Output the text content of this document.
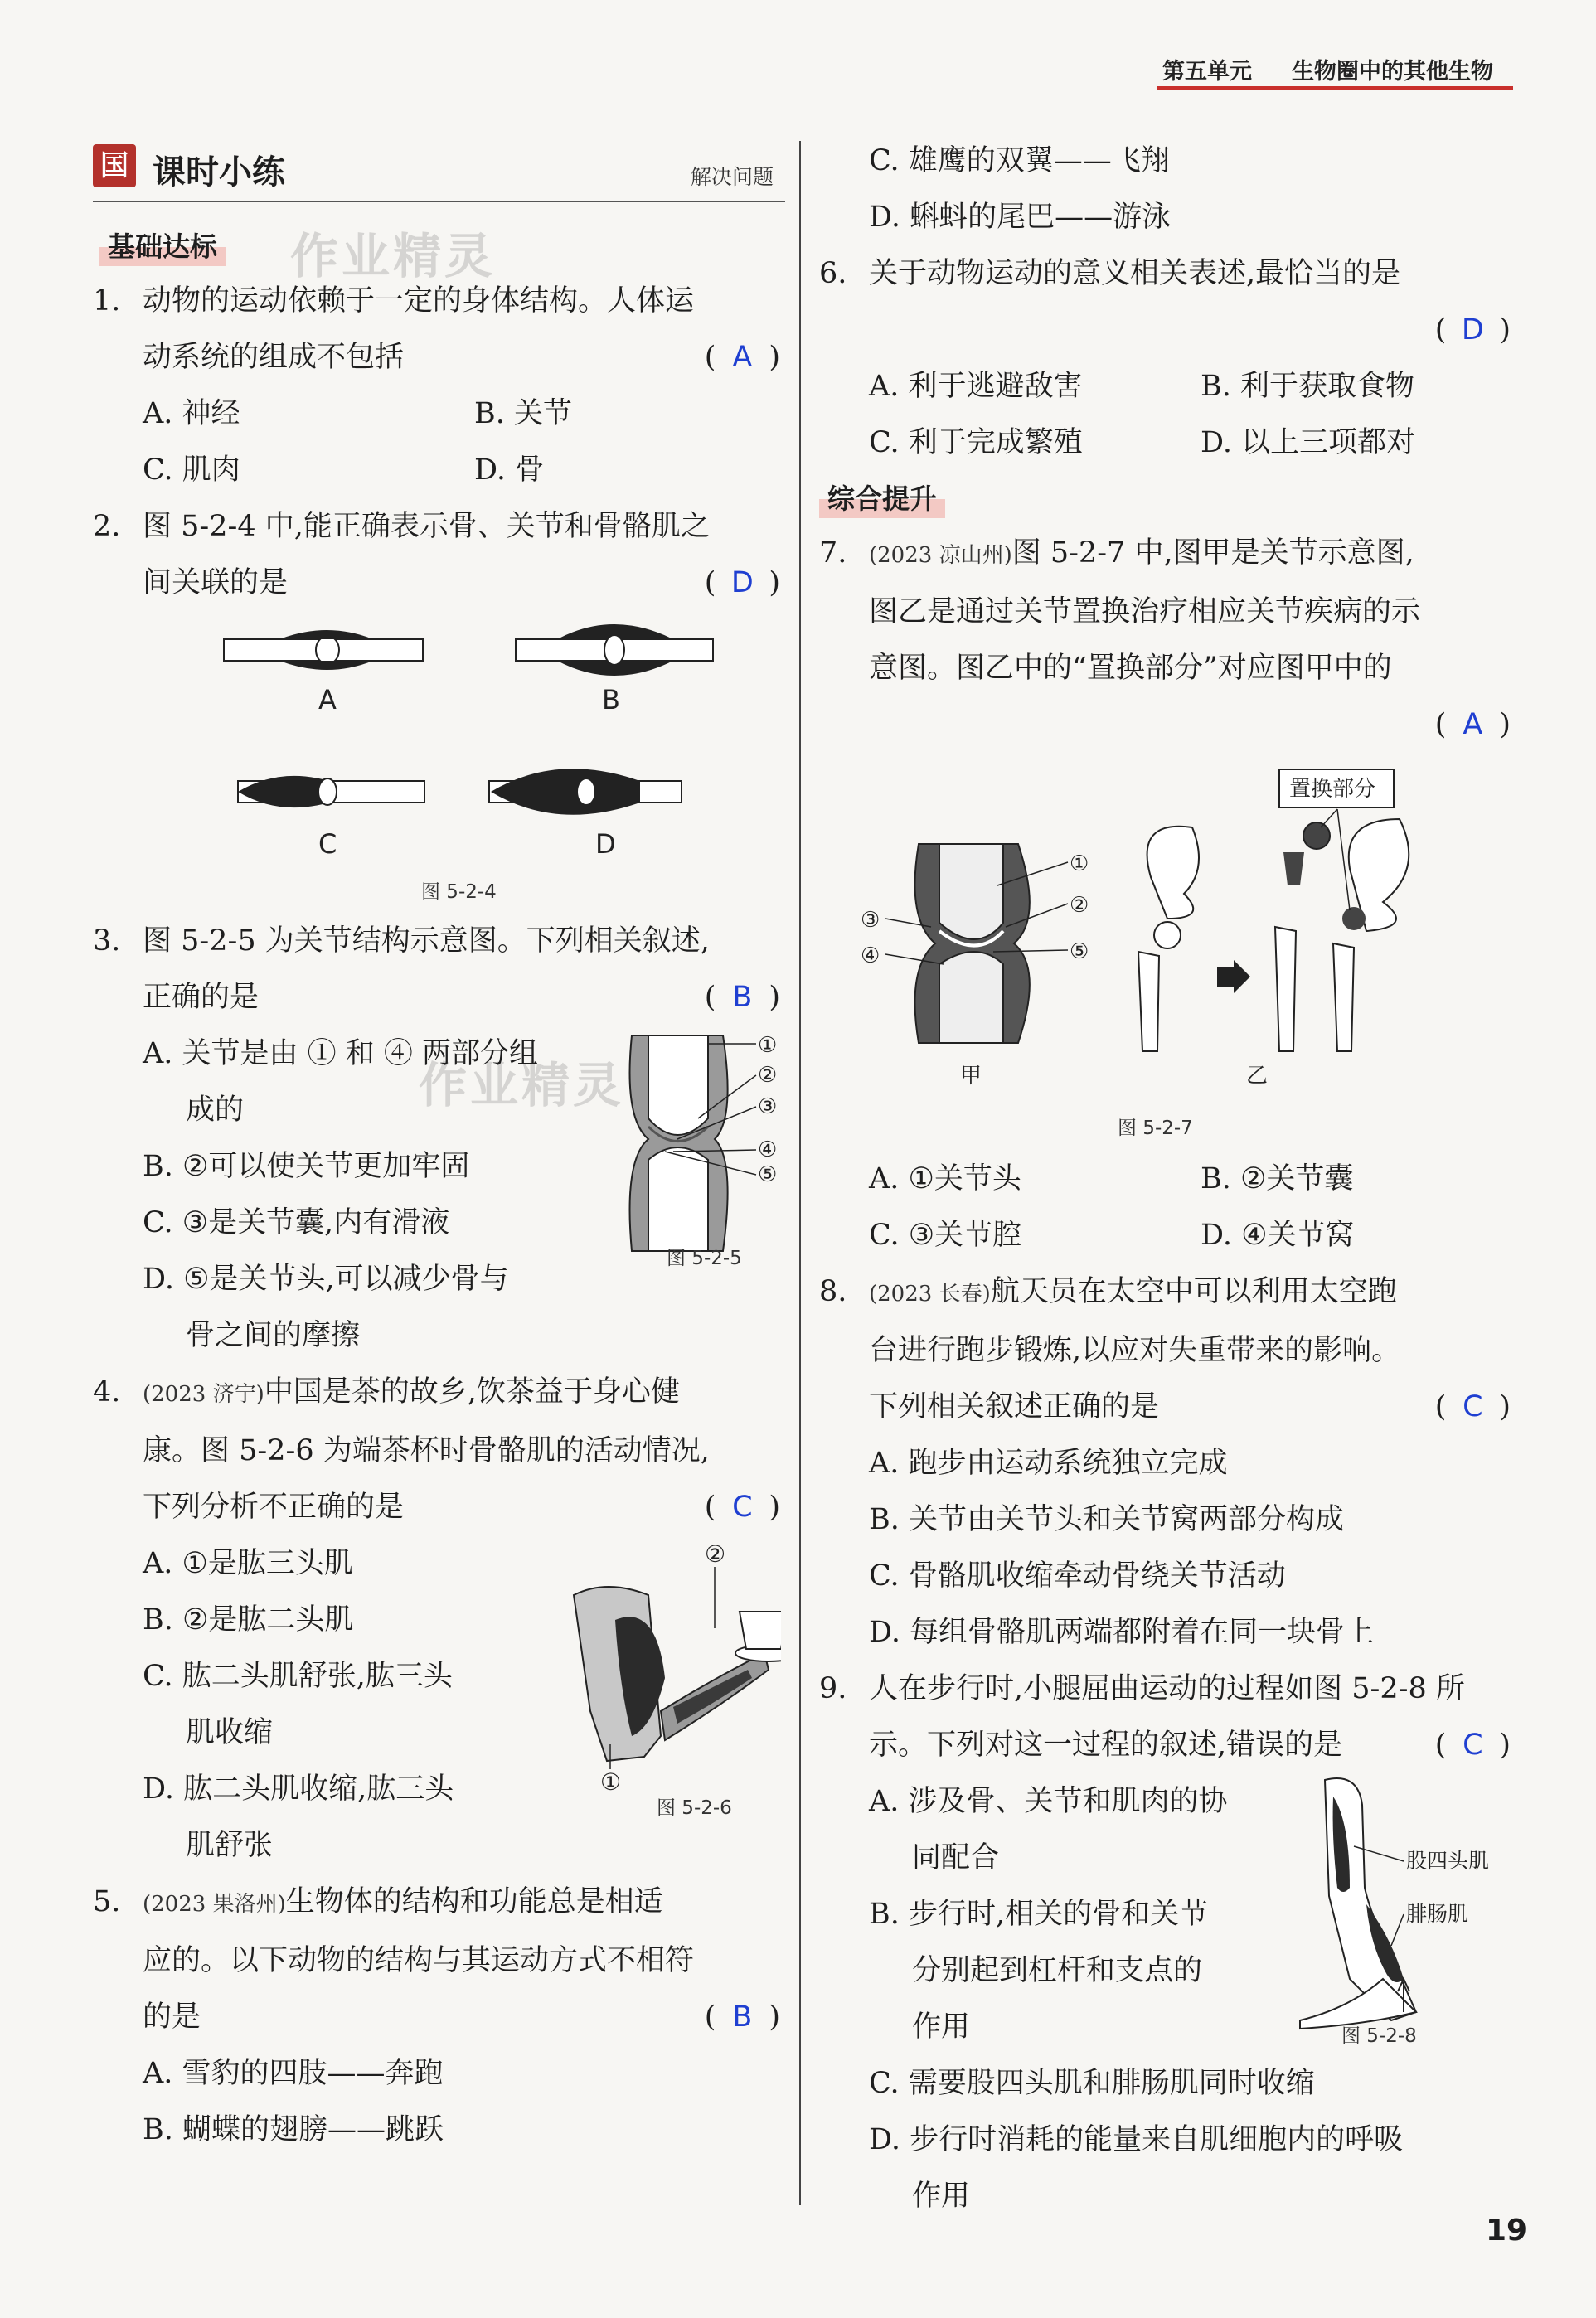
第五单元 生物圈中的其他生物
作业精灵
作业精灵
国 课时小练	解决问题
基础达标
1. 动物的运动依赖于一定的身体结构。人体运
动系统的组成不包括	( A )
A. 神经	B. 关节
C. 肌肉	D. 骨
2. 图 5-2-4 中,能正确表示骨、关节和骨骼肌之
间关联的是	( D )
A	B
C	D
图 5-2-4
3. 图 5-2-5 为关节结构示意图。下列相关叙述,
正确的是	( B )
A. 关节是由 ① 和 ④ 两部分组
成的
B. ②可以使关节更加牢固
C. ③是关节囊,内有滑液
D. ⑤是关节头,可以减少骨与
①
②
③
④
⑤
图 5-2-5
骨之间的摩擦
4. (2023 济宁)中国是茶的故乡,饮茶益于身心健
康。图 5-2-6 为端茶杯时骨骼肌的活动情况,
下列分析不正确的是	( C )
A. ①是肱三头肌
B. ②是肱二头肌
C. 肱二头肌舒张,肱三头
肌收缩
D. 肱二头肌收缩,肱三头
肌舒张
②
①
图 5-2-6
5. (2023 果洛州)生物体的结构和功能总是相适
应的。以下动物的结构与其运动方式不相符
的是	( B )
A. 雪豹的四肢——奔跑
B. 蝴蝶的翅膀——跳跃
C. 雄鹰的双翼——飞翔
D. 蝌蚪的尾巴——游泳
6. 关于动物运动的意义相关表述,最恰当的是
( D )
A. 利于逃避敌害	B. 利于获取食物
C. 利于完成繁殖	D. 以上三项都对
综合提升
7. (2023 凉山州)图 5-2-7 中,图甲是关节示意图,
图乙是通过关节置换治疗相应关节疾病的示
意图。图乙中的“置换部分”对应图甲中的
( A )
①
②
③
④	⑤
甲
置换部分
乙
图 5-2-7
A. ①关节头	B. ②关节囊
C. ③关节腔	D. ④关节窝
8. (2023 长春)航天员在太空中可以利用太空跑
台进行跑步锻炼,以应对失重带来的影响。
下列相关叙述正确的是	( C )
A. 跑步由运动系统独立完成
B. 关节由关节头和关节窝两部分构成
C. 骨骼肌收缩牵动骨绕关节活动
D. 每组骨骼肌两端都附着在同一块骨上
9. 人在步行时,小腿屈曲运动的过程如图 5-2-8 所
示。下列对这一过程的叙述,错误的是	( C )
A. 涉及骨、关节和肌肉的协
同配合
B. 步行时,相关的骨和关节
分别起到杠杆和支点的
作用
股四头肌
腓肠肌
图 5-2-8
C. 需要股四头肌和腓肠肌同时收缩
D. 步行时消耗的能量来自肌细胞内的呼吸
作用
19
